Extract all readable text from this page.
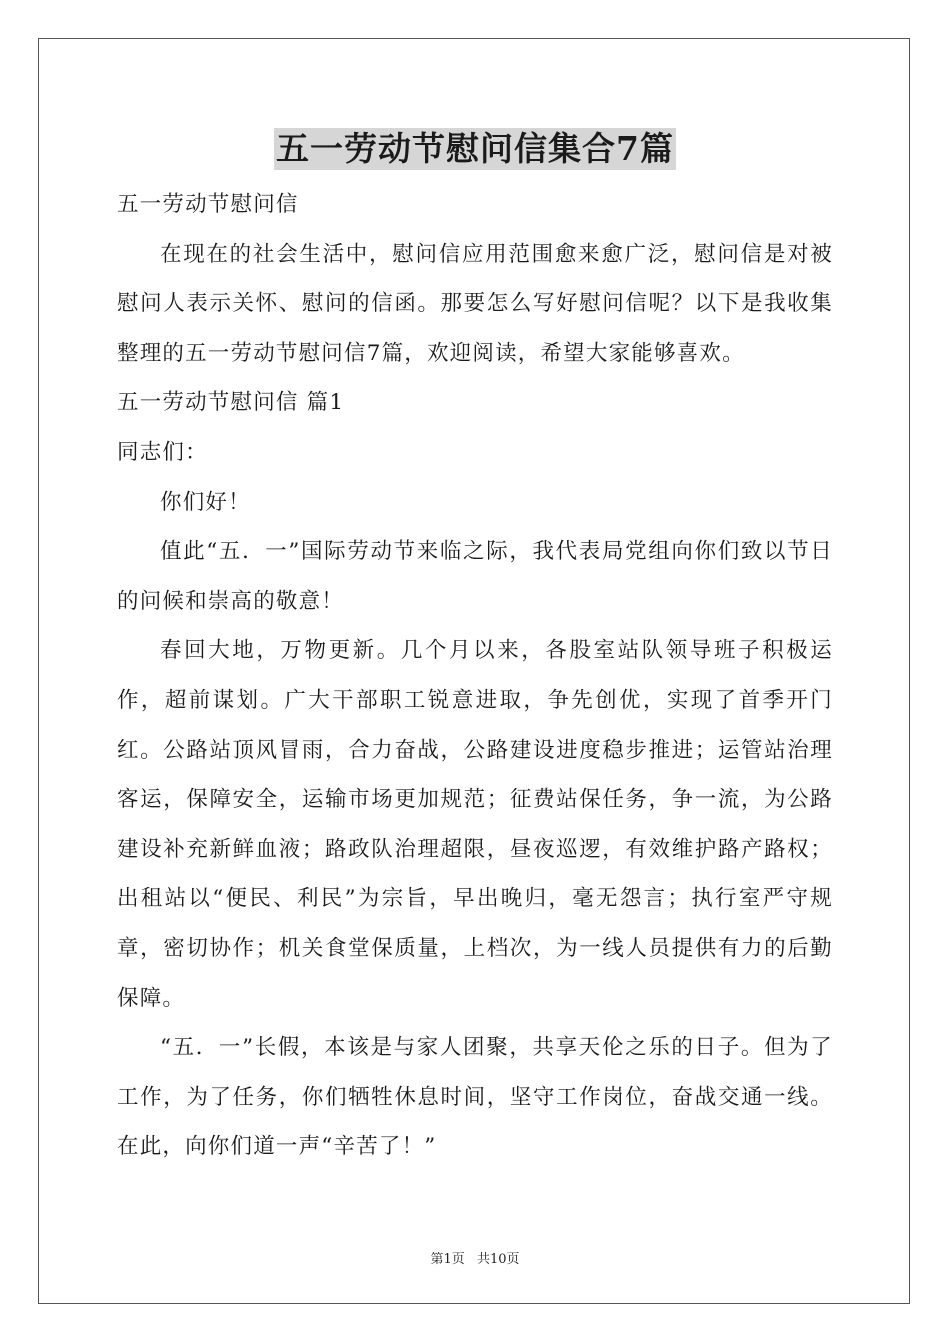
五一劳动节慰问信集合7篇

五一劳动节慰问信

在现在的社会生活中，慰问信应用范围愈来愈广泛，慰问信是对被慰问人表示关怀、慰问的信函。那要怎么写好慰问信呢？以下是我收集整理的五一劳动节慰问信7篇，欢迎阅读，希望大家能够喜欢。

五一劳动节慰问信 篇1

同志们：

你们好！

值此“五．一”国际劳动节来临之际，我代表局党组向你们致以节日的问候和崇高的敬意！

春回大地，万物更新。几个月以来，各股室站队领导班子积极运作，超前谋划。广大干部职工锐意进取，争先创优，实现了首季开门红。公路站顶风冒雨，合力奋战，公路建设进度稳步推进；运管站治理客运，保障安全，运输市场更加规范；征费站保任务，争一流，为公路建设补充新鲜血液；路政队治理超限，昼夜巡逻，有效维护路产路权；出租站以“便民、利民”为宗旨，早出晚归，毫无怨言；执行室严守规章，密切协作；机关食堂保质量，上档次，为一线人员提供有力的后勤保障。

“五．一”长假，本该是与家人团聚，共享天伦之乐的日子。但为了工作，为了任务，你们牺牲休息时间，坚守工作岗位，奋战交通一线。在此，向你们道一声“辛苦了！”

第1页 共10页
